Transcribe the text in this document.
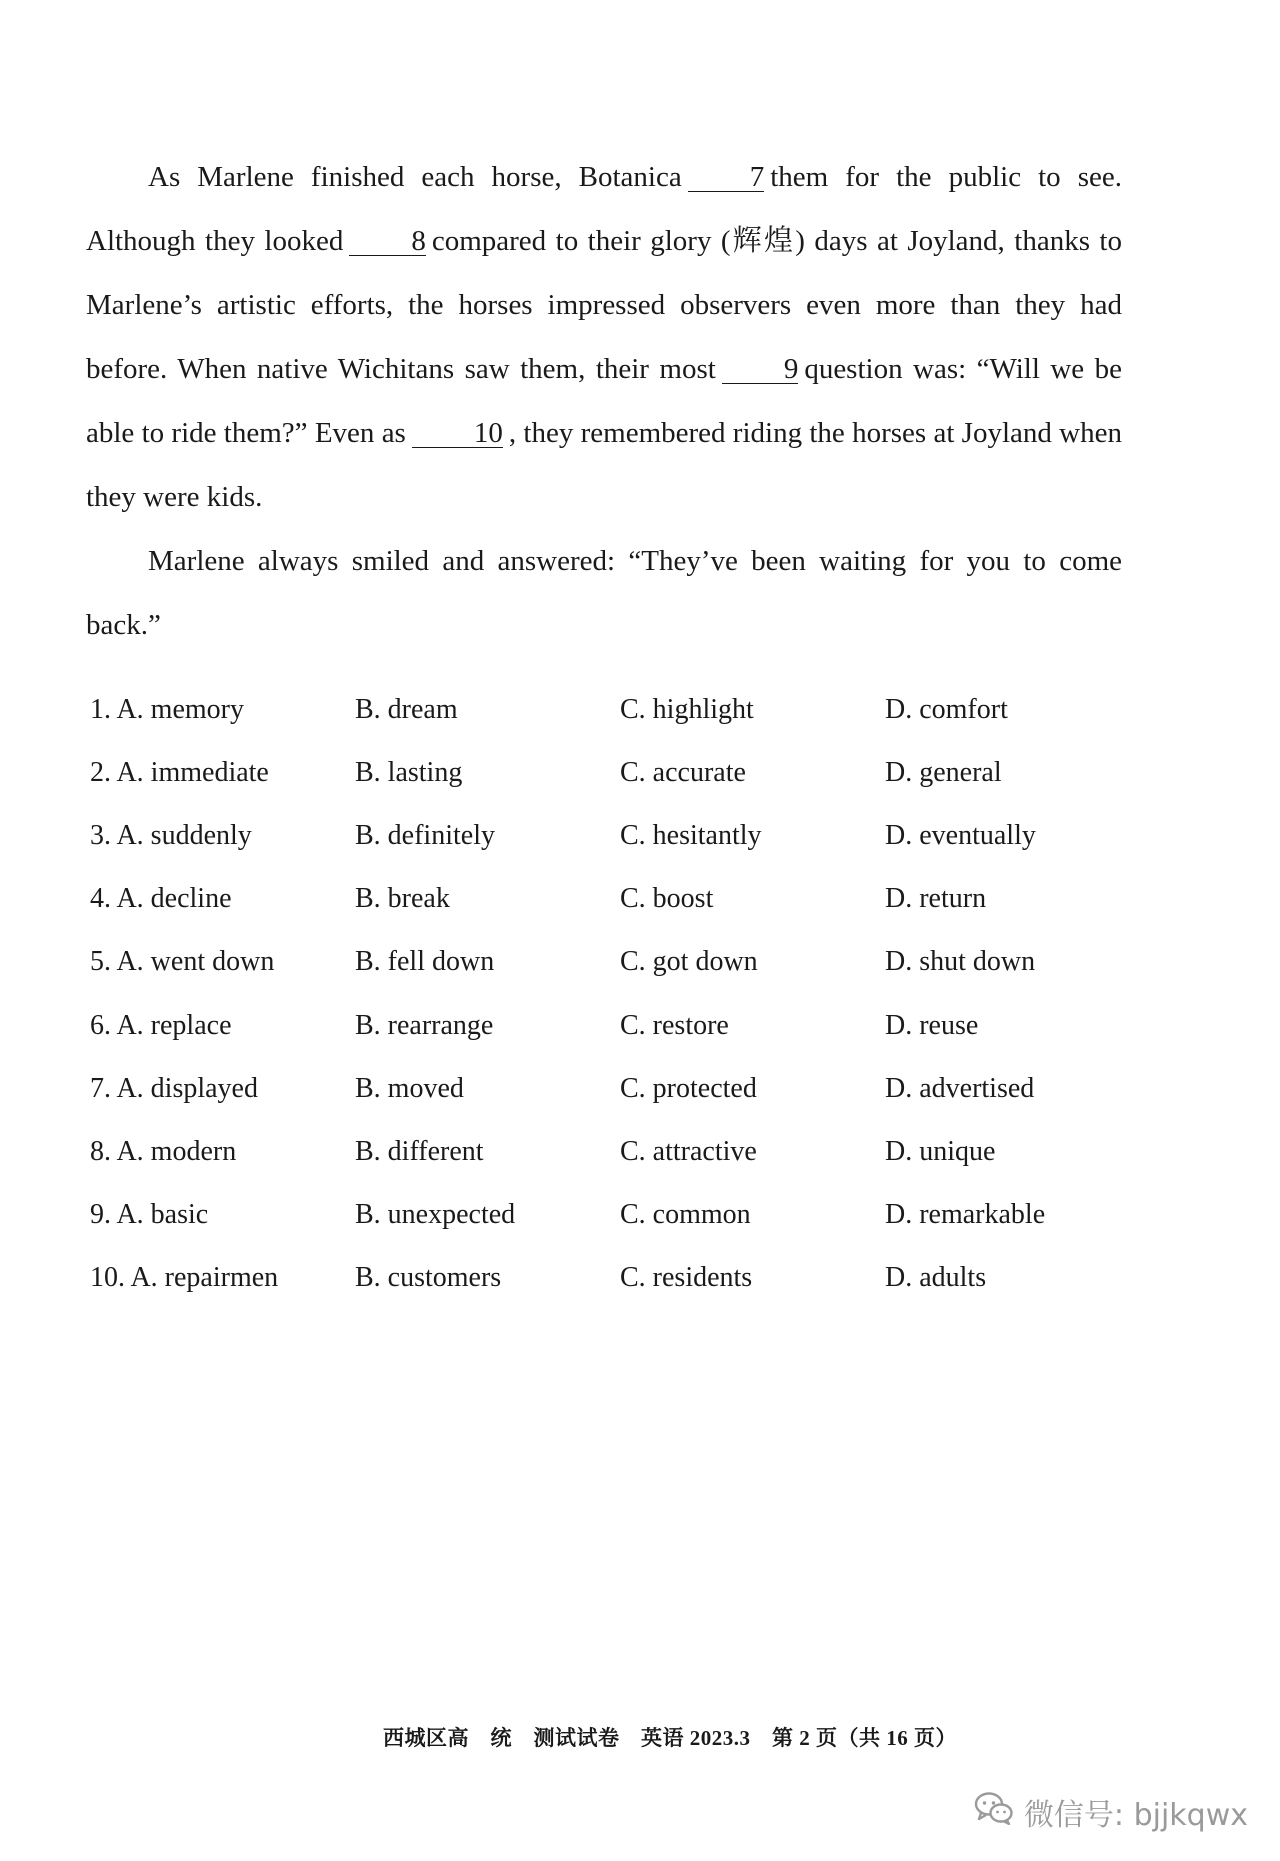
As Marlene finished each horse, Botanica 7 them for the public to see. Although they looked 8 compared to their glory (辉煌) days at Joyland, thanks to Marlene’s artistic efforts, the horses impressed observers even more than they had before. When native Wichitans saw them, their most 9 question was: “Will we be able to ride them?” Even as 10 , they remembered riding the horses at Joyland when they were kids.

Marlene always smiled and answered: “They’ve been waiting for you to come back.”

1. A. memory	B. dream	C. highlight	D. comfort
2. A. immediate	B. lasting	C. accurate	D. general
3. A. suddenly	B. definitely	C. hesitantly	D. eventually
4. A. decline	B. break	C. boost	D. return
5. A. went down	B. fell down	C. got down	D. shut down
6. A. replace	B. rearrange	C. restore	D. reuse
7. A. displayed	B. moved	C. protected	D. advertised
8. A. modern	B. different	C. attractive	D. unique
9. A. basic	B. unexpected	C. common	D. remarkable
10. A. repairmen	B. customers	C. residents	D. adults
西城区高　统　测试试卷　英语 2023.3　第 2 页（共 16 页）
微信号: bjjkqwx
